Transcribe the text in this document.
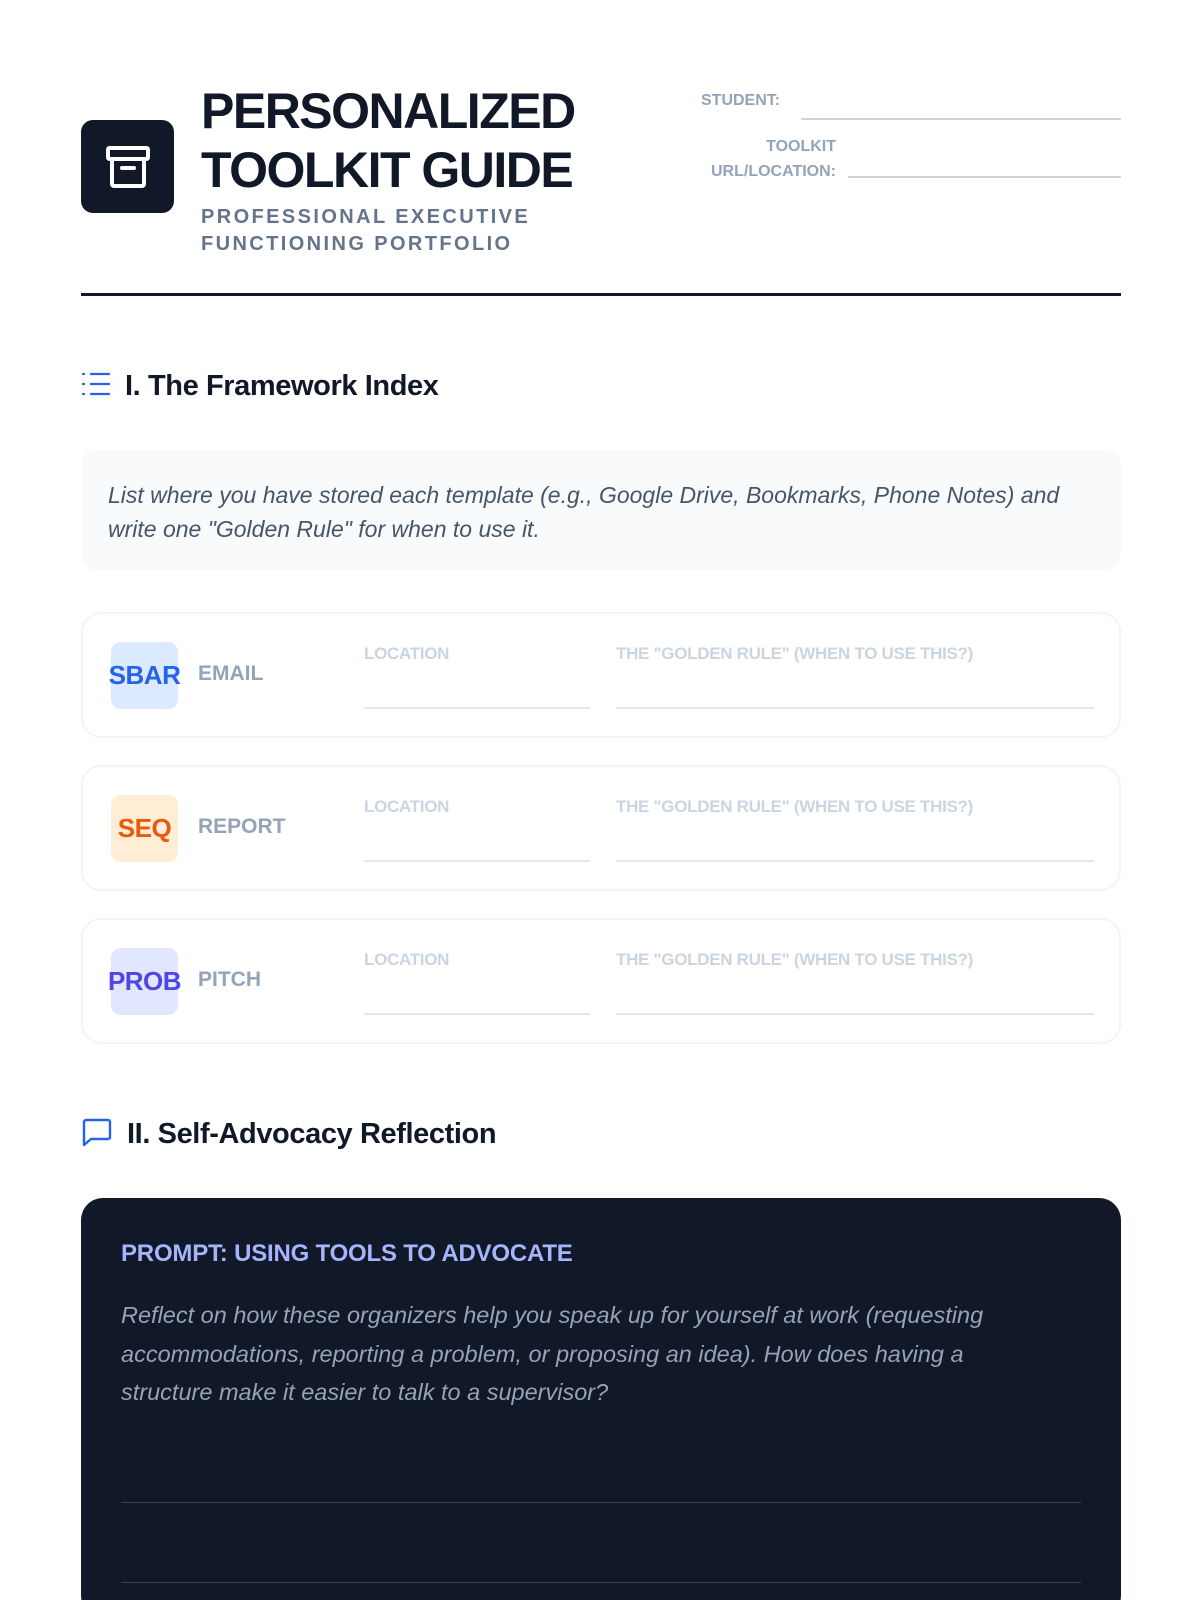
PERSONALIZED
TOOLKIT GUIDE
PROFESSIONAL EXECUTIVE
FUNCTIONING PORTFOLIO
STUDENT:
TOOLKIT
URL/LOCATION:
I. The Framework Index

List where you have stored each template (e.g., Google Drive, Bookmarks, Phone Notes) and write one "Golden Rule" for when to use it.

SBAR EMAIL
LOCATION	THE "GOLDEN RULE" (WHEN TO USE THIS?)
SEQ REPORT
LOCATION	THE "GOLDEN RULE" (WHEN TO USE THIS?)
PROB PITCH
LOCATION	THE "GOLDEN RULE" (WHEN TO USE THIS?)
II. Self-Advocacy Reflection
PROMPT: USING TOOLS TO ADVOCATE

Reflect on how these organizers help you speak up for yourself at work (requesting accommodations, reporting a problem, or proposing an idea). How does having a structure make it easier to talk to a supervisor?
